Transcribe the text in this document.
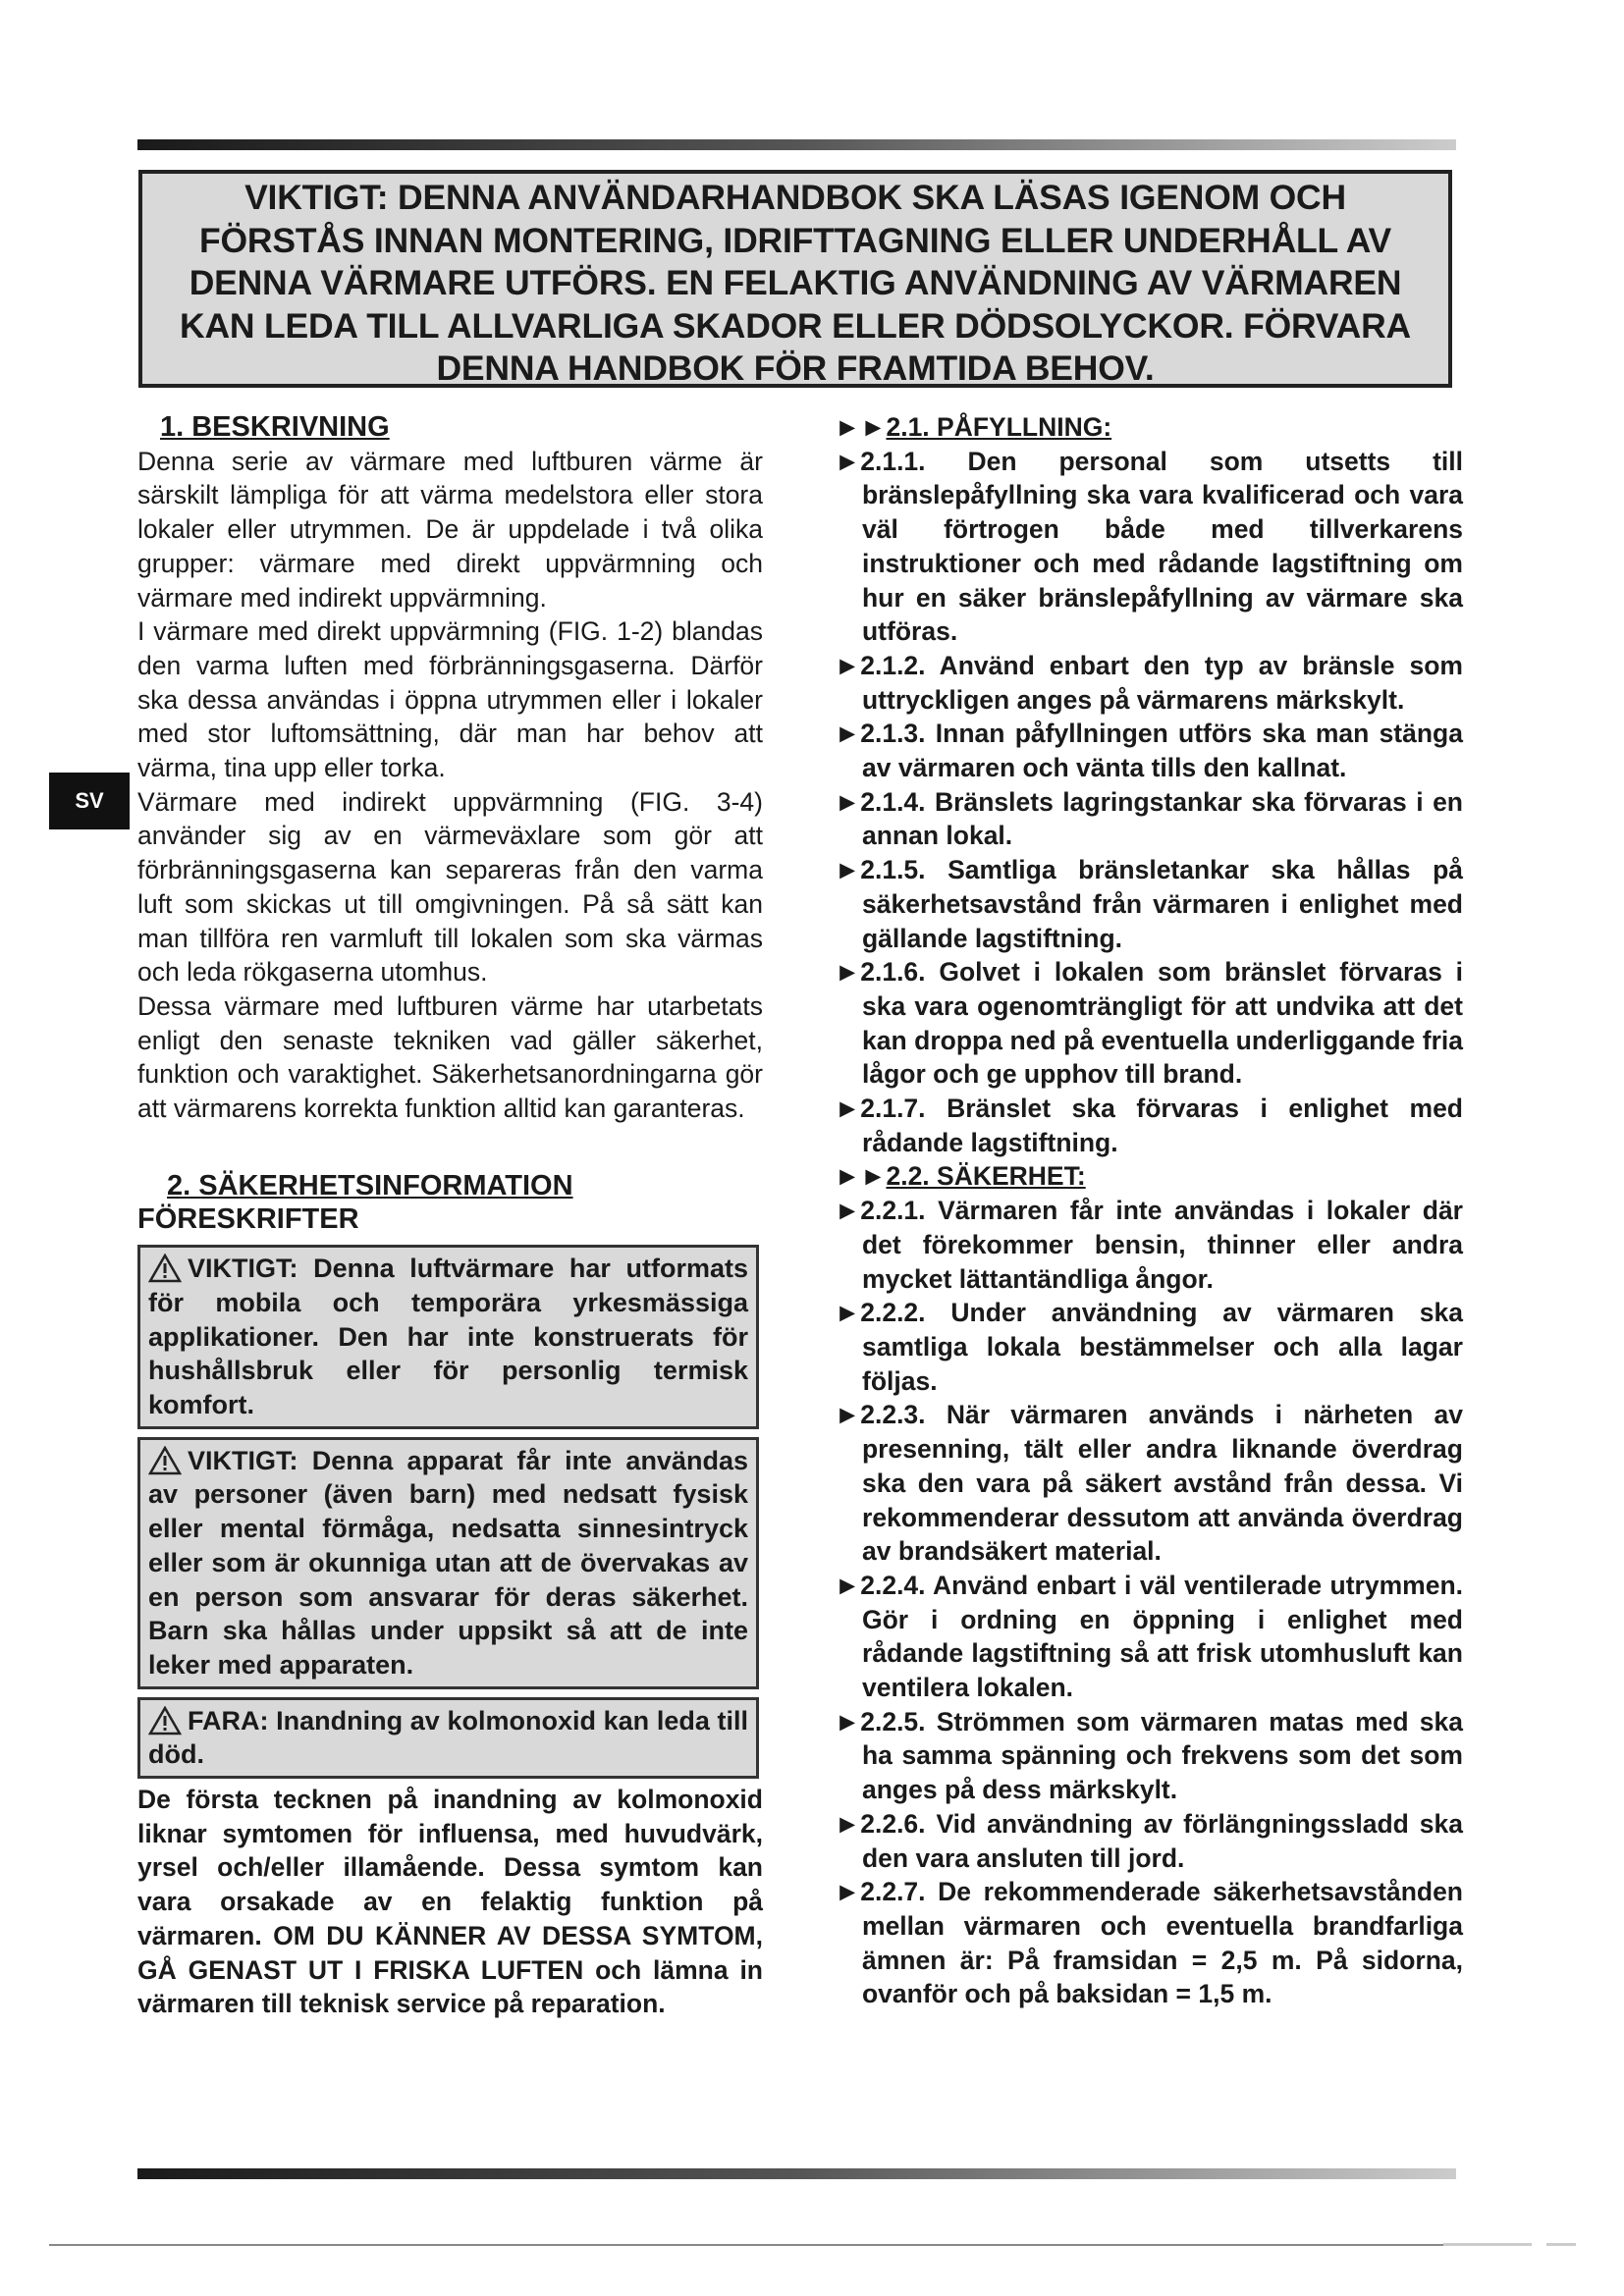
VIKTIGT: DENNA ANVÄNDARHANDBOK SKA LÄSAS IGENOM OCH
FÖRSTÅS INNAN MONTERING, IDRIFTTAGNING ELLER UNDERHÅLL AV
DENNA VÄRMARE UTFÖRS. EN FELAKTIG ANVÄNDNING AV VÄRMAREN
KAN LEDA TILL ALLVARLIGA SKADOR ELLER DÖDSOLYCKOR. FÖRVARA
DENNA HANDBOK FÖR FRAMTIDA BEHOV.
SV
1. BESKRIVNING

Denna serie av värmare med luftburen värme är särskilt lämpliga för att värma medelstora eller stora lokaler eller utrymmen. De är uppdelade i två olika grupper: värmare med direkt uppvärmning och värmare med indirekt uppvärmning.

I värmare med direkt uppvärmning (FIG. 1-2) blandas den varma luften med förbränningsgaserna. Därför ska dessa användas i öppna utrymmen eller i lokaler med stor luftomsättning, där man har behov att värma, tina upp eller torka.

Värmare med indirekt uppvärmning (FIG. 3-4) använder sig av en värmeväxlare som gör att förbränningsgaserna kan separeras från den varma luft som skickas ut till omgivningen. På så sätt kan man tillföra ren varmluft till lokalen som ska värmas och leda rökgaserna utomhus.

Dessa värmare med luftburen värme har utarbetats enligt den senaste tekniken vad gäller säkerhet, funktion och varaktighet. Säkerhetsanordningarna gör att värmarens korrekta funktion alltid kan garanteras.

2. SÄKERHETSINFORMATION
FÖRESKRIFTER
VIKTIGT: Denna luftvärmare har utformats för mobila och temporära yrkesmässiga applikationer. Den har inte konstruerats för hushållsbruk eller för personlig termisk komfort.
VIKTIGT: Denna apparat får inte användas av personer (även barn) med nedsatt fysisk eller mental förmåga, nedsatta sinnesintryck eller som är okunniga utan att de övervakas av en person som ansvarar för deras säkerhet. Barn ska hållas under uppsikt så att de inte leker med apparaten.
FARA: Inandning av kolmonoxid kan leda till död.

De första tecknen på inandning av kolmonoxid liknar symtomen för influensa, med huvudvärk, yrsel och/eller illamående. Dessa symtom kan vara orsakade av en felaktig funktion på värmaren. OM DU KÄNNER AV DESSA SYMTOM, GÅ GENAST UT I FRISKA LUFTEN och lämna in värmaren till teknisk service på reparation.

►►2.1. PÅFYLLNING:
►2.1.1. Den personal som utsetts till bränslepåfyllning ska vara kvalificerad och vara väl förtrogen både med tillverkarens instruktioner och med rådande lagstiftning om hur en säker bränslepåfyllning av värmare ska utföras.
►2.1.2. Använd enbart den typ av bränsle som uttryckligen anges på värmarens märkskylt.
►2.1.3. Innan påfyllningen utförs ska man stänga av värmaren och vänta tills den kallnat.
►2.1.4. Bränslets lagringstankar ska förvaras i en annan lokal.
►2.1.5. Samtliga bränsletankar ska hållas på säkerhetsavstånd från värmaren i enlighet med gällande lagstiftning.
►2.1.6. Golvet i lokalen som bränslet förvaras i ska vara ogenomträngligt för att undvika att det kan droppa ned på eventuella underliggande fria lågor och ge upphov till brand.
►2.1.7. Bränslet ska förvaras i enlighet med rådande lagstiftning.
►►2.2. SÄKERHET:
►2.2.1. Värmaren får inte användas i lokaler där det förekommer bensin, thinner eller andra mycket lättantändliga ångor.
►2.2.2. Under användning av värmaren ska samtliga lokala bestämmelser och alla lagar följas.
►2.2.3. När värmaren används i närheten av presenning, tält eller andra liknande överdrag ska den vara på säkert avstånd från dessa. Vi rekommenderar dessutom att använda överdrag av brandsäkert material.
►2.2.4. Använd enbart i väl ventilerade utrymmen. Gör i ordning en öppning i enlighet med rådande lagstiftning så att frisk utomhusluft kan ventilera lokalen.
►2.2.5. Strömmen som värmaren matas med ska ha samma spänning och frekvens som det som anges på dess märkskylt.
►2.2.6. Vid användning av förlängningssladd ska den vara ansluten till jord.
►2.2.7. De rekommenderade säkerhetsavstånden mellan värmaren och eventuella brandfarliga ämnen är: På framsidan = 2,5 m. På sidorna, ovanför och på baksidan = 1,5 m.
